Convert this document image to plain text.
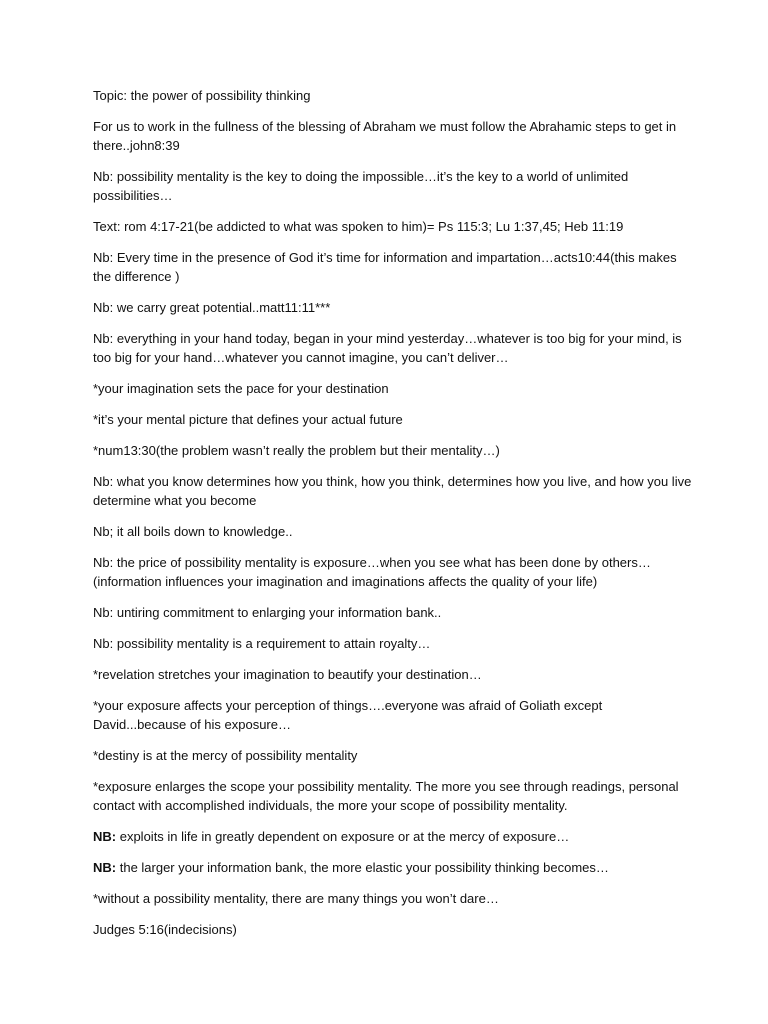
Topic: the power of possibility thinking

For us to work in the fullness of the blessing of Abraham we must follow the Abrahamic steps to get in there..john8:39

Nb: possibility mentality is the key to doing the impossible…it’s the key to a world of unlimited possibilities…

Text: rom 4:17-21(be addicted to what was spoken to him)= Ps 115:3; Lu 1:37,45; Heb 11:19

Nb: Every time in the presence of God it’s time for information and impartation…acts10:44(this makes the difference )

Nb: we carry great potential..matt11:11***

Nb: everything in your hand today, began in your mind yesterday…whatever is too big for your mind, is too big for your hand…whatever you cannot imagine, you can’t deliver…

*your imagination sets the pace for your destination

*it’s your mental picture that defines your actual future

*num13:30(the problem wasn’t really the problem but their mentality…)

Nb: what you know determines how you think, how you think, determines how you live, and how you live determine what you become

Nb; it all boils down to knowledge..

Nb: the price of possibility mentality is exposure…when you see what has been done by others…(information influences your imagination and imaginations affects the quality of your life)

Nb: untiring commitment to enlarging your information bank..

Nb: possibility mentality is a requirement to attain royalty…

*revelation stretches your imagination to beautify your destination…

*your exposure affects your perception of things….everyone was afraid of Goliath except David...because of his exposure…

*destiny is at the mercy of possibility mentality

*exposure enlarges the scope your possibility mentality. The more you see through readings, personal contact with accomplished individuals, the more your scope of possibility mentality.

NB: exploits in life in greatly dependent on exposure or at the mercy of exposure…

NB: the larger your information bank, the more elastic your possibility thinking becomes…

*without a possibility mentality, there are many things you won’t dare…

Judges 5:16(indecisions)
